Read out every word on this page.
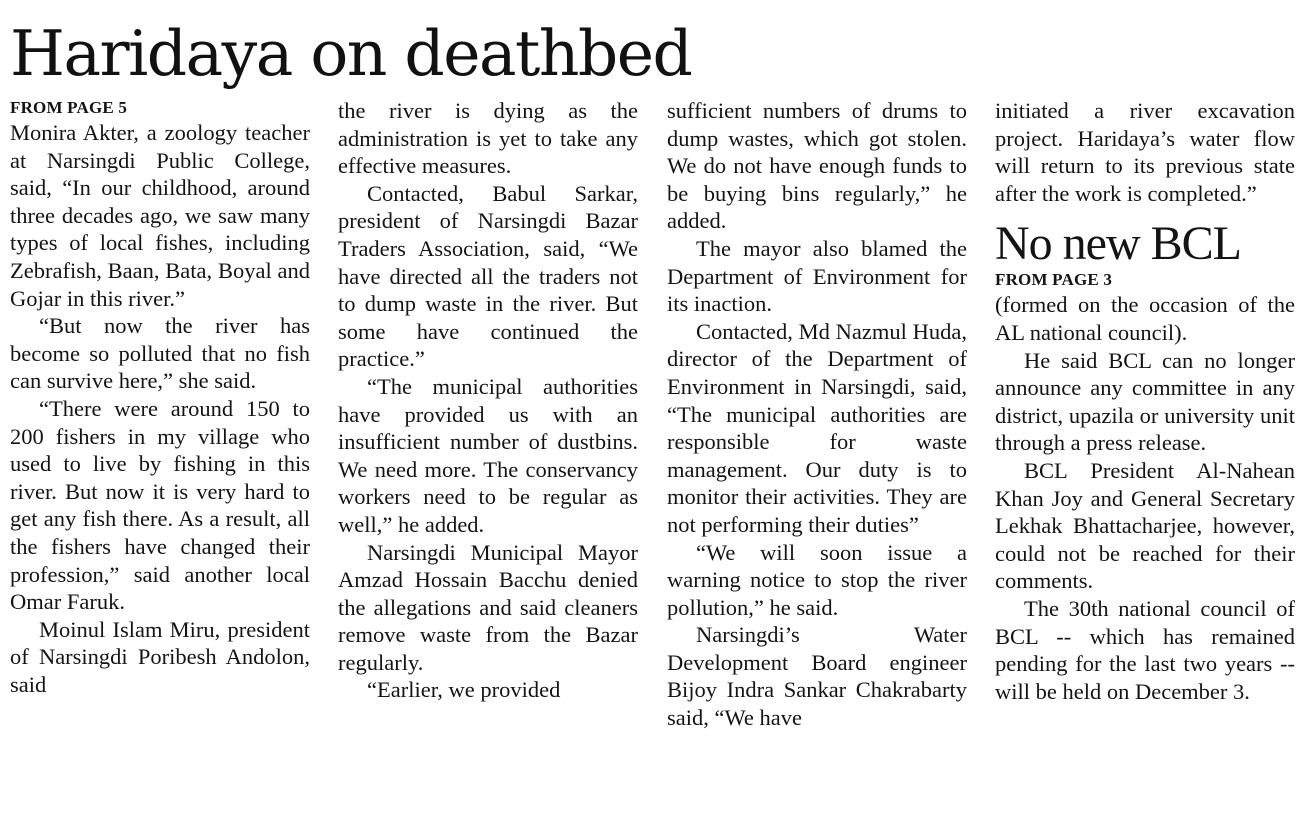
Haridaya on deathbed
FROM PAGE 5

Monira Akter, a zoology teacher at Narsingdi Public College, said, “In our childhood, around three decades ago, we saw many types of local fishes, including Zebrafish, Baan, Bata, Boyal and Gojar in this river.”

“But now the river has become so polluted that no fish can survive here,” she said.

“There were around 150 to 200 fishers in my village who used to live by fishing in this river. But now it is very hard to get any fish there. As a result, all the fishers have changed their profession,” said another local Omar Faruk.

Moinul Islam Miru, president of Narsingdi Poribesh Andolon, said

the river is dying as the administration is yet to take any effective measures.

Contacted, Babul Sarkar, president of Narsingdi Bazar Traders Association, said, “We have directed all the traders not to dump waste in the river. But some have continued the practice.”

“The municipal authorities have provided us with an insufficient number of dustbins. We need more. The conservancy workers need to be regular as well,” he added.

Narsingdi Municipal Mayor Amzad Hossain Bacchu denied the allegations and said cleaners remove waste from the Bazar regularly.

“Earlier, we provided

sufficient numbers of drums to dump wastes, which got stolen. We do not have enough funds to be buying bins regularly,” he added.

The mayor also blamed the Department of Environment for its inaction.

Contacted, Md Nazmul Huda, director of the Department of Environment in Narsingdi, said, “The municipal authorities are responsible for waste management. Our duty is to monitor their activities. They are not performing their duties”

“We will soon issue a warning notice to stop the river pollution,” he said.

Narsingdi’s Water Development Board engineer Bijoy Indra Sankar Chakrabarty said, “We have

initiated a river excavation project. Haridaya’s water flow will return to its previous state after the work is completed.”

No new BCL
FROM PAGE 3

(formed on the occasion of the AL national council).

He said BCL can no longer announce any committee in any district, upazila or university unit through a press release.

BCL President Al-Nahean Khan Joy and General Secretary Lekhak Bhattacharjee, however, could not be reached for their comments.

The 30th national council of BCL -- which has remained pending for the last two years -- will be held on December 3.
